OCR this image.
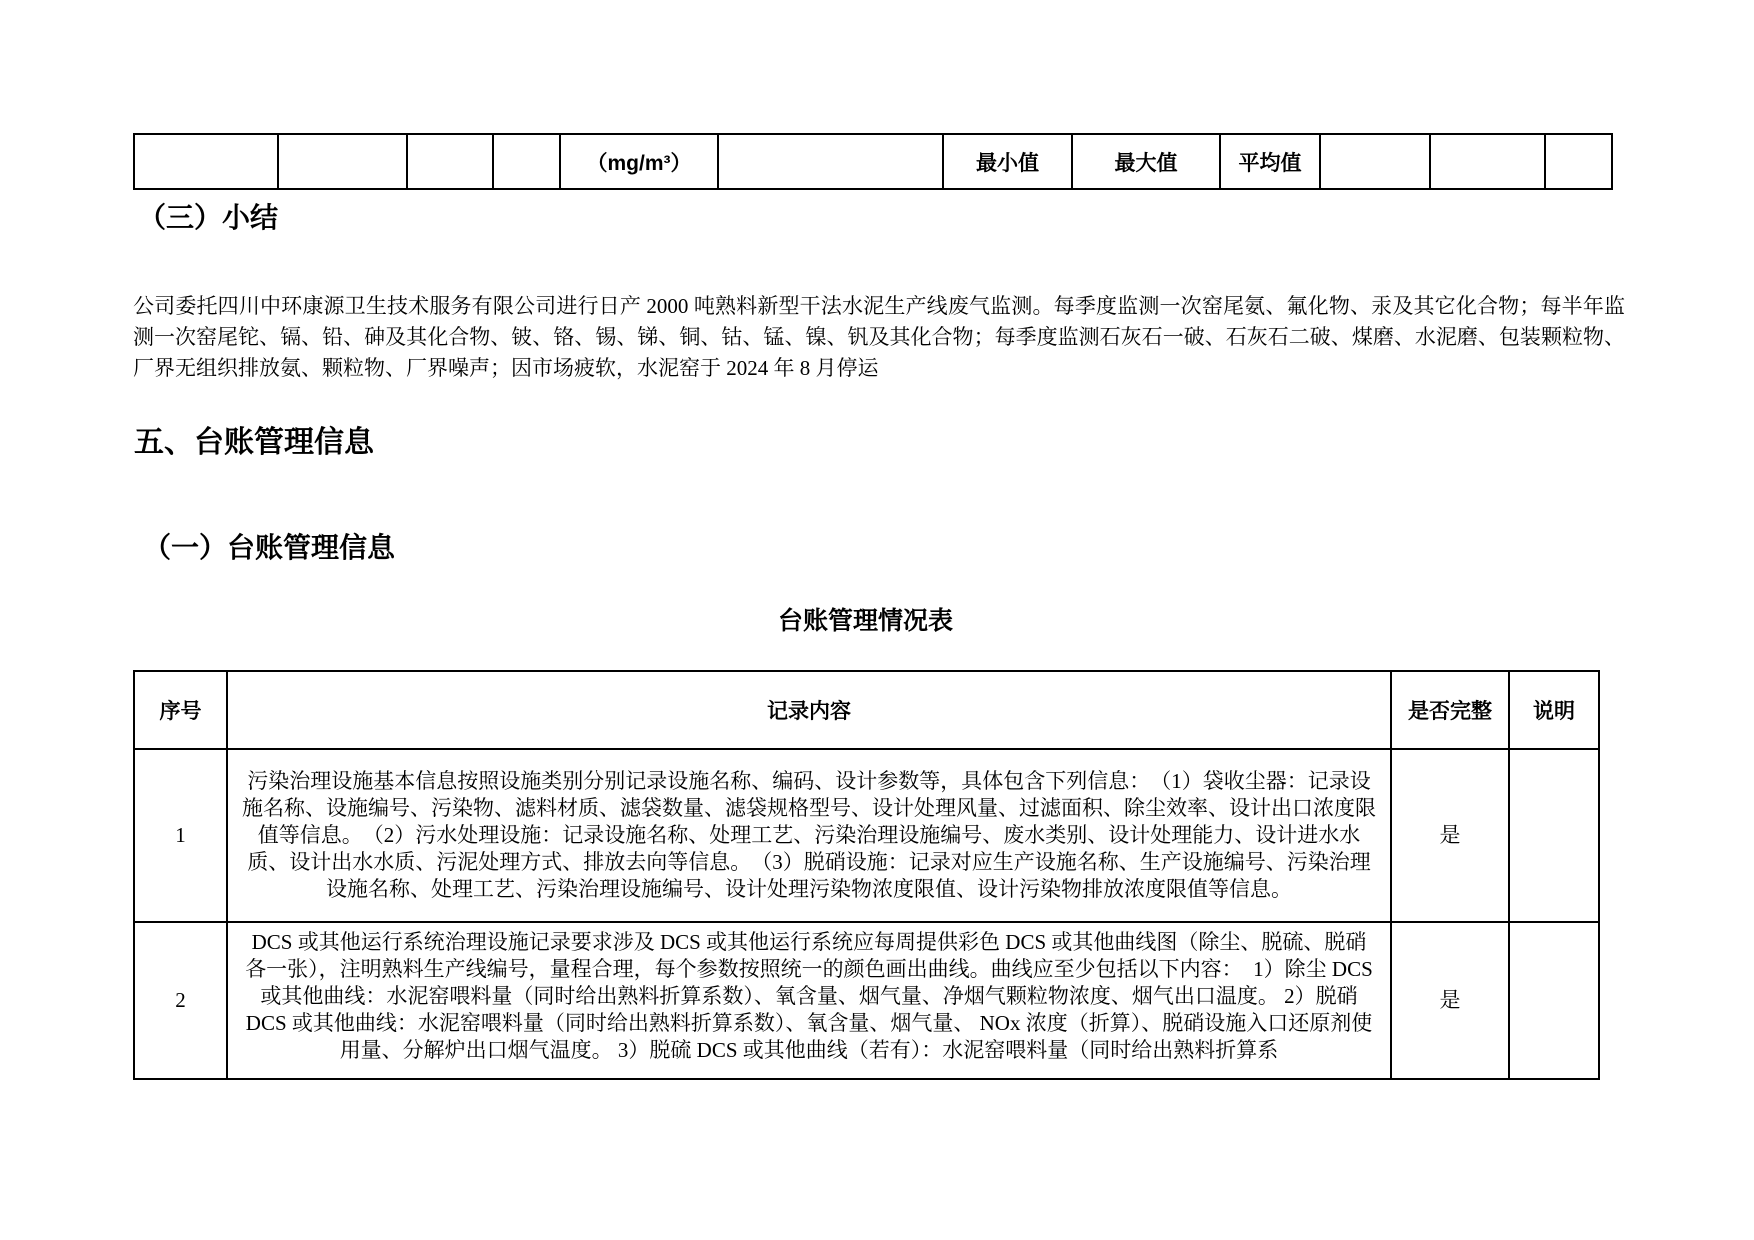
				（mg/m³）		最小值	最大值	平均值			
（三）小结
公司委托四川中环康源卫生技术服务有限公司进行日产 2000 吨熟料新型干法水泥生产线废气监测。每季度监测一次窑尾氨、氟化物、汞及其它化合物；每半年监测一次窑尾铊、镉、铅、砷及其化合物、铍、铬、锡、锑、铜、钴、锰、镍、钒及其化合物；每季度监测石灰石一破、石灰石二破、煤磨、水泥磨、包装颗粒物、厂界无组织排放氨、颗粒物、厂界噪声；因市场疲软，水泥窑于 2024 年 8 月停运
五、台账管理信息
（一）台账管理信息
台账管理情况表
序号	记录内容	是否完整	说明
1	污染治理设施基本信息按照设施类别分别记录设施名称、编码、设计参数等，具体包含下列信息：　（1）袋收尘器：记录设施名称、设施编号、污染物、滤料材质、滤袋数量、滤袋规格型号、设计处理风量、过滤面积、除尘效率、设计出口浓度限值等信息。　（2）污水处理设施：记录设施名称、处理工艺、污染治理设施编号、废水类别、设计处理能力、设计进水水质、设计出水水质、污泥处理方式、排放去向等信息。　（3）脱硝设施：记录对应生产设施名称、生产设施编号、污染治理设施名称、处理工艺、污染治理设施编号、设计处理污染物浓度限值、设计污染物排放浓度限值等信息。	是	
2	DCS 或其他运行系统治理设施记录要求涉及 DCS 或其他运行系统应每周提供彩色 DCS 或其他曲线图（除尘、脱硫、脱硝各一张），注明熟料生产线编号，量程合理，每个参数按照统一的颜色画出曲线。曲线应至少包括以下内容：　1）除尘 DCS 或其他曲线：水泥窑喂料量（同时给出熟料折算系数）、氧含量、烟气量、净烟气颗粒物浓度、烟气出口温度。 2）脱硝 DCS 或其他曲线：水泥窑喂料量（同时给出熟料折算系数）、氧含量、烟气量、 NOx 浓度（折算）、脱硝设施入口还原剂使用量、分解炉出口烟气温度。 3）脱硫 DCS 或其他曲线（若有）：水泥窑喂料量（同时给出熟料折算系	是	
